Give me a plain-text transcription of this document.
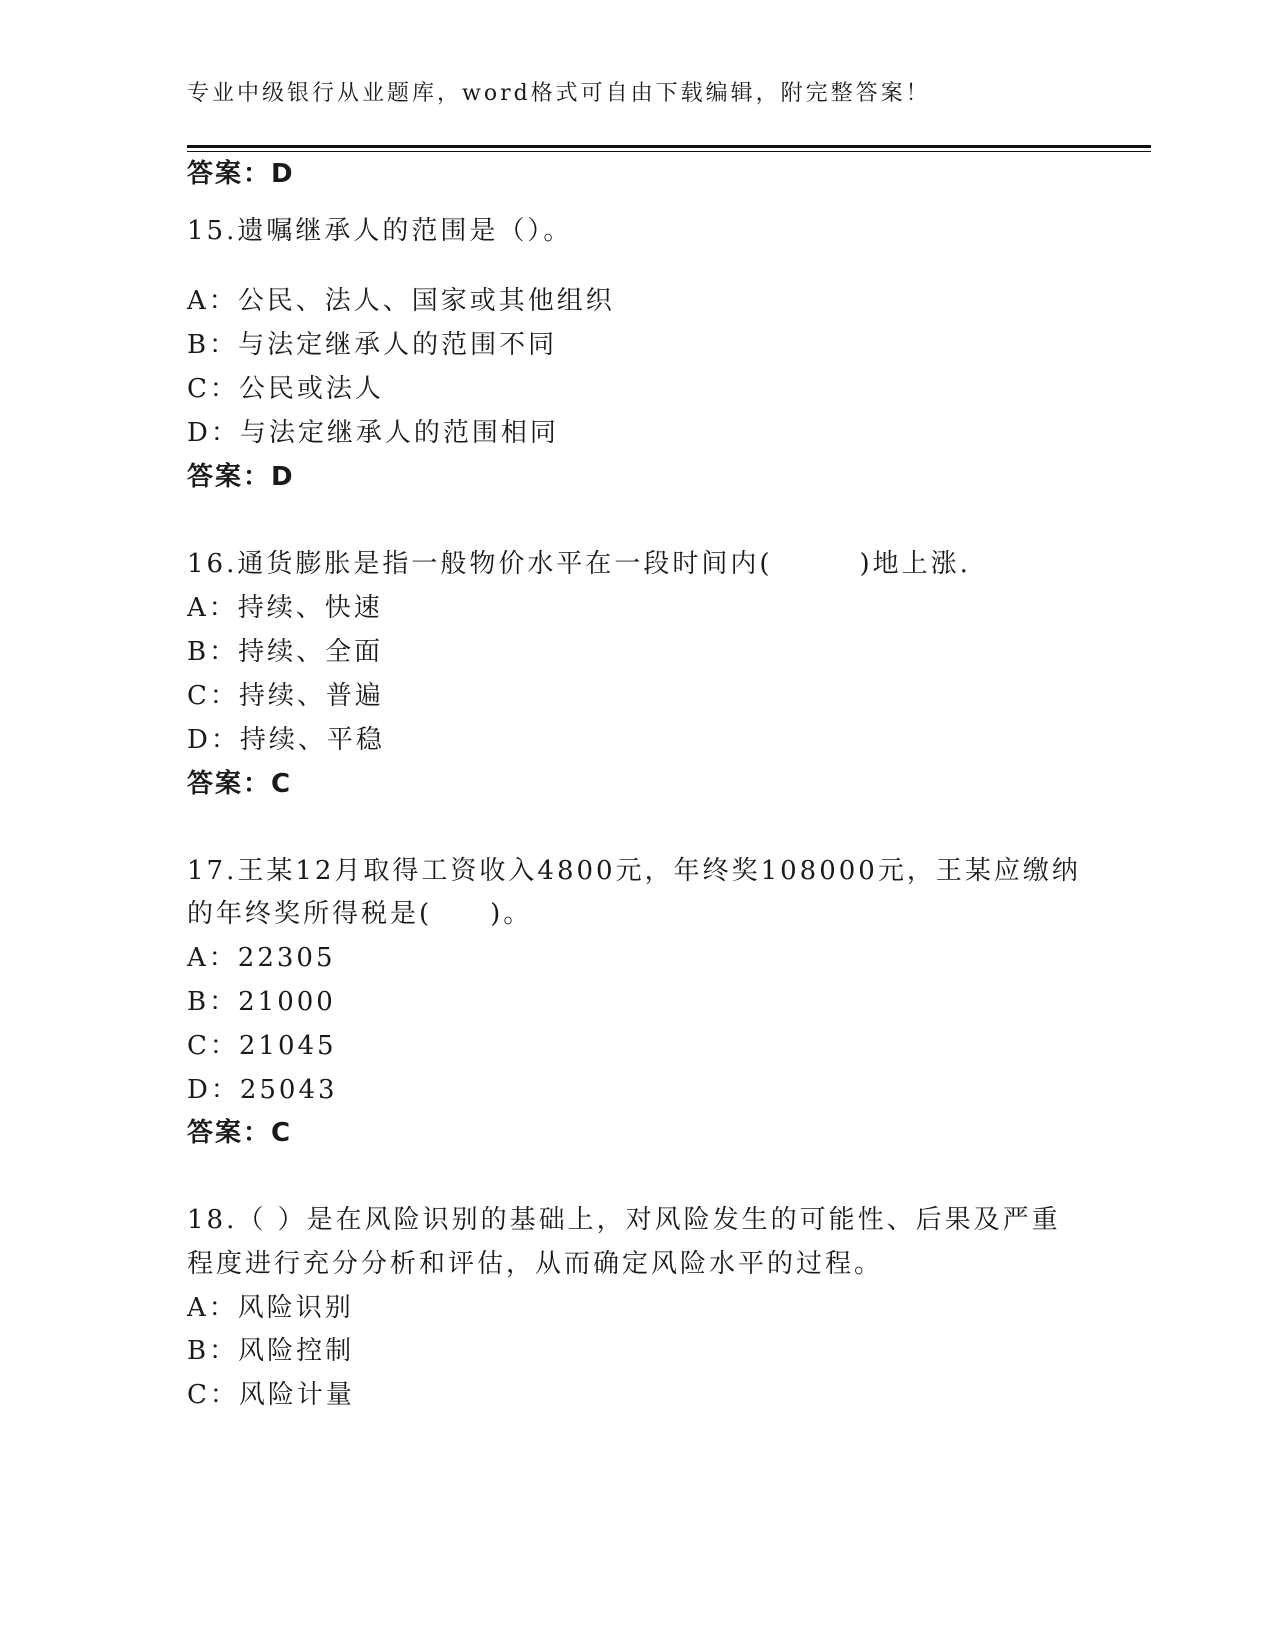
专业中级银行从业题库，word格式可自由下载编辑，附完整答案！
答案：D
15.遗嘱继承人的范围是（）。
A：公民、法人、国家或其他组织
B：与法定继承人的范围不同
C：公民或法人
D：与法定继承人的范围相同
答案：D
16.通货膨胀是指一般物价水平在一段时间内(　　　)地上涨.
A：持续、快速
B：持续、全面
C：持续、普遍
D：持续、平稳
答案：C
17.王某12月取得工资收入4800元，年终奖108000元，王某应缴纳
的年终奖所得税是(　　)。
A：22305
B：21000
C：21045
D：25043
答案：C
18.（ ）是在风险识别的基础上，对风险发生的可能性、后果及严重
程度进行充分分析和评估，从而确定风险水平的过程。
A：风险识别
B：风险控制
C：风险计量
